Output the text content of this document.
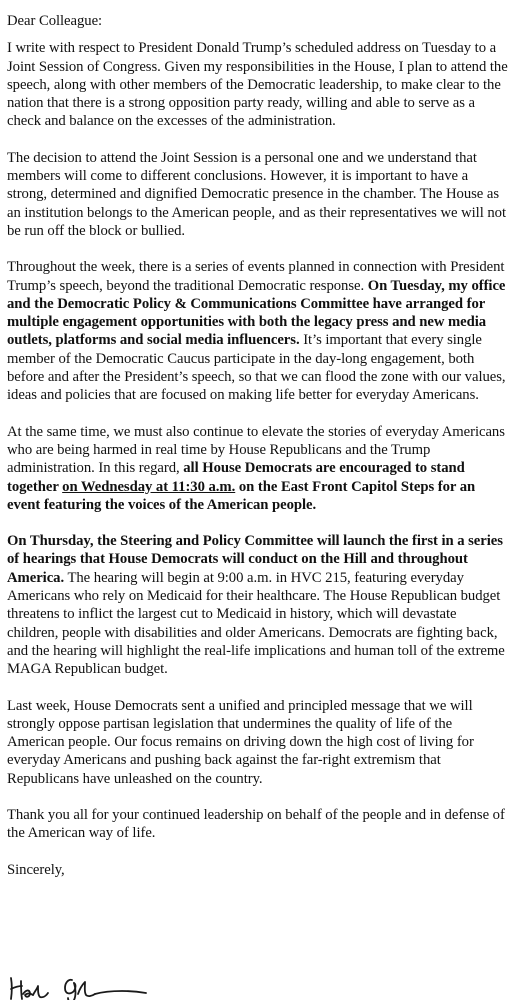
Dear Colleague:

I write with respect to President Donald Trump’s scheduled address on Tuesday to a Joint Session of Congress. Given my responsibilities in the House, I plan to attend the speech, along with other members of the Democratic leadership, to make clear to the nation that there is a strong opposition party ready, willing and able to serve as a check and balance on the excesses of the administration.

The decision to attend the Joint Session is a personal one and we understand that members will come to different conclusions. However, it is important to have a strong, determined and dignified Democratic presence in the chamber. The House as an institution belongs to the American people, and as their representatives we will not be run off the block or bullied.

Throughout the week, there is a series of events planned in connection with President Trump’s speech, beyond the traditional Democratic response. On Tuesday, my office and the Democratic Policy & Communications Committee have arranged for multiple engagement opportunities with both the legacy press and new media outlets, platforms and social media influencers. It’s important that every single member of the Democratic Caucus participate in the day-long engagement, both before and after the President’s speech, so that we can flood the zone with our values, ideas and policies that are focused on making life better for everyday Americans.

At the same time, we must also continue to elevate the stories of everyday Americans who are being harmed in real time by House Republicans and the Trump administration. In this regard, all House Democrats are encouraged to stand together on Wednesday at 11:30 a.m. on the East Front Capitol Steps for an event featuring the voices of the American people.

On Thursday, the Steering and Policy Committee will launch the first in a series of hearings that House Democrats will conduct on the Hill and throughout America. The hearing will begin at 9:00 a.m. in HVC 215, featuring everyday Americans who rely on Medicaid for their healthcare. The House Republican budget threatens to inflict the largest cut to Medicaid in history, which will devastate children, people with disabilities and older Americans. Democrats are fighting back, and the hearing will highlight the real-life implications and human toll of the extreme MAGA Republican budget.

Last week, House Democrats sent a unified and principled message that we will strongly oppose partisan legislation that undermines the quality of life of the American people. Our focus remains on driving down the high cost of living for everyday Americans and pushing back against the far-right extremism that Republicans have unleashed on the country.

Thank you all for your continued leadership on behalf of the people and in defense of the American way of life.

Sincerely,
